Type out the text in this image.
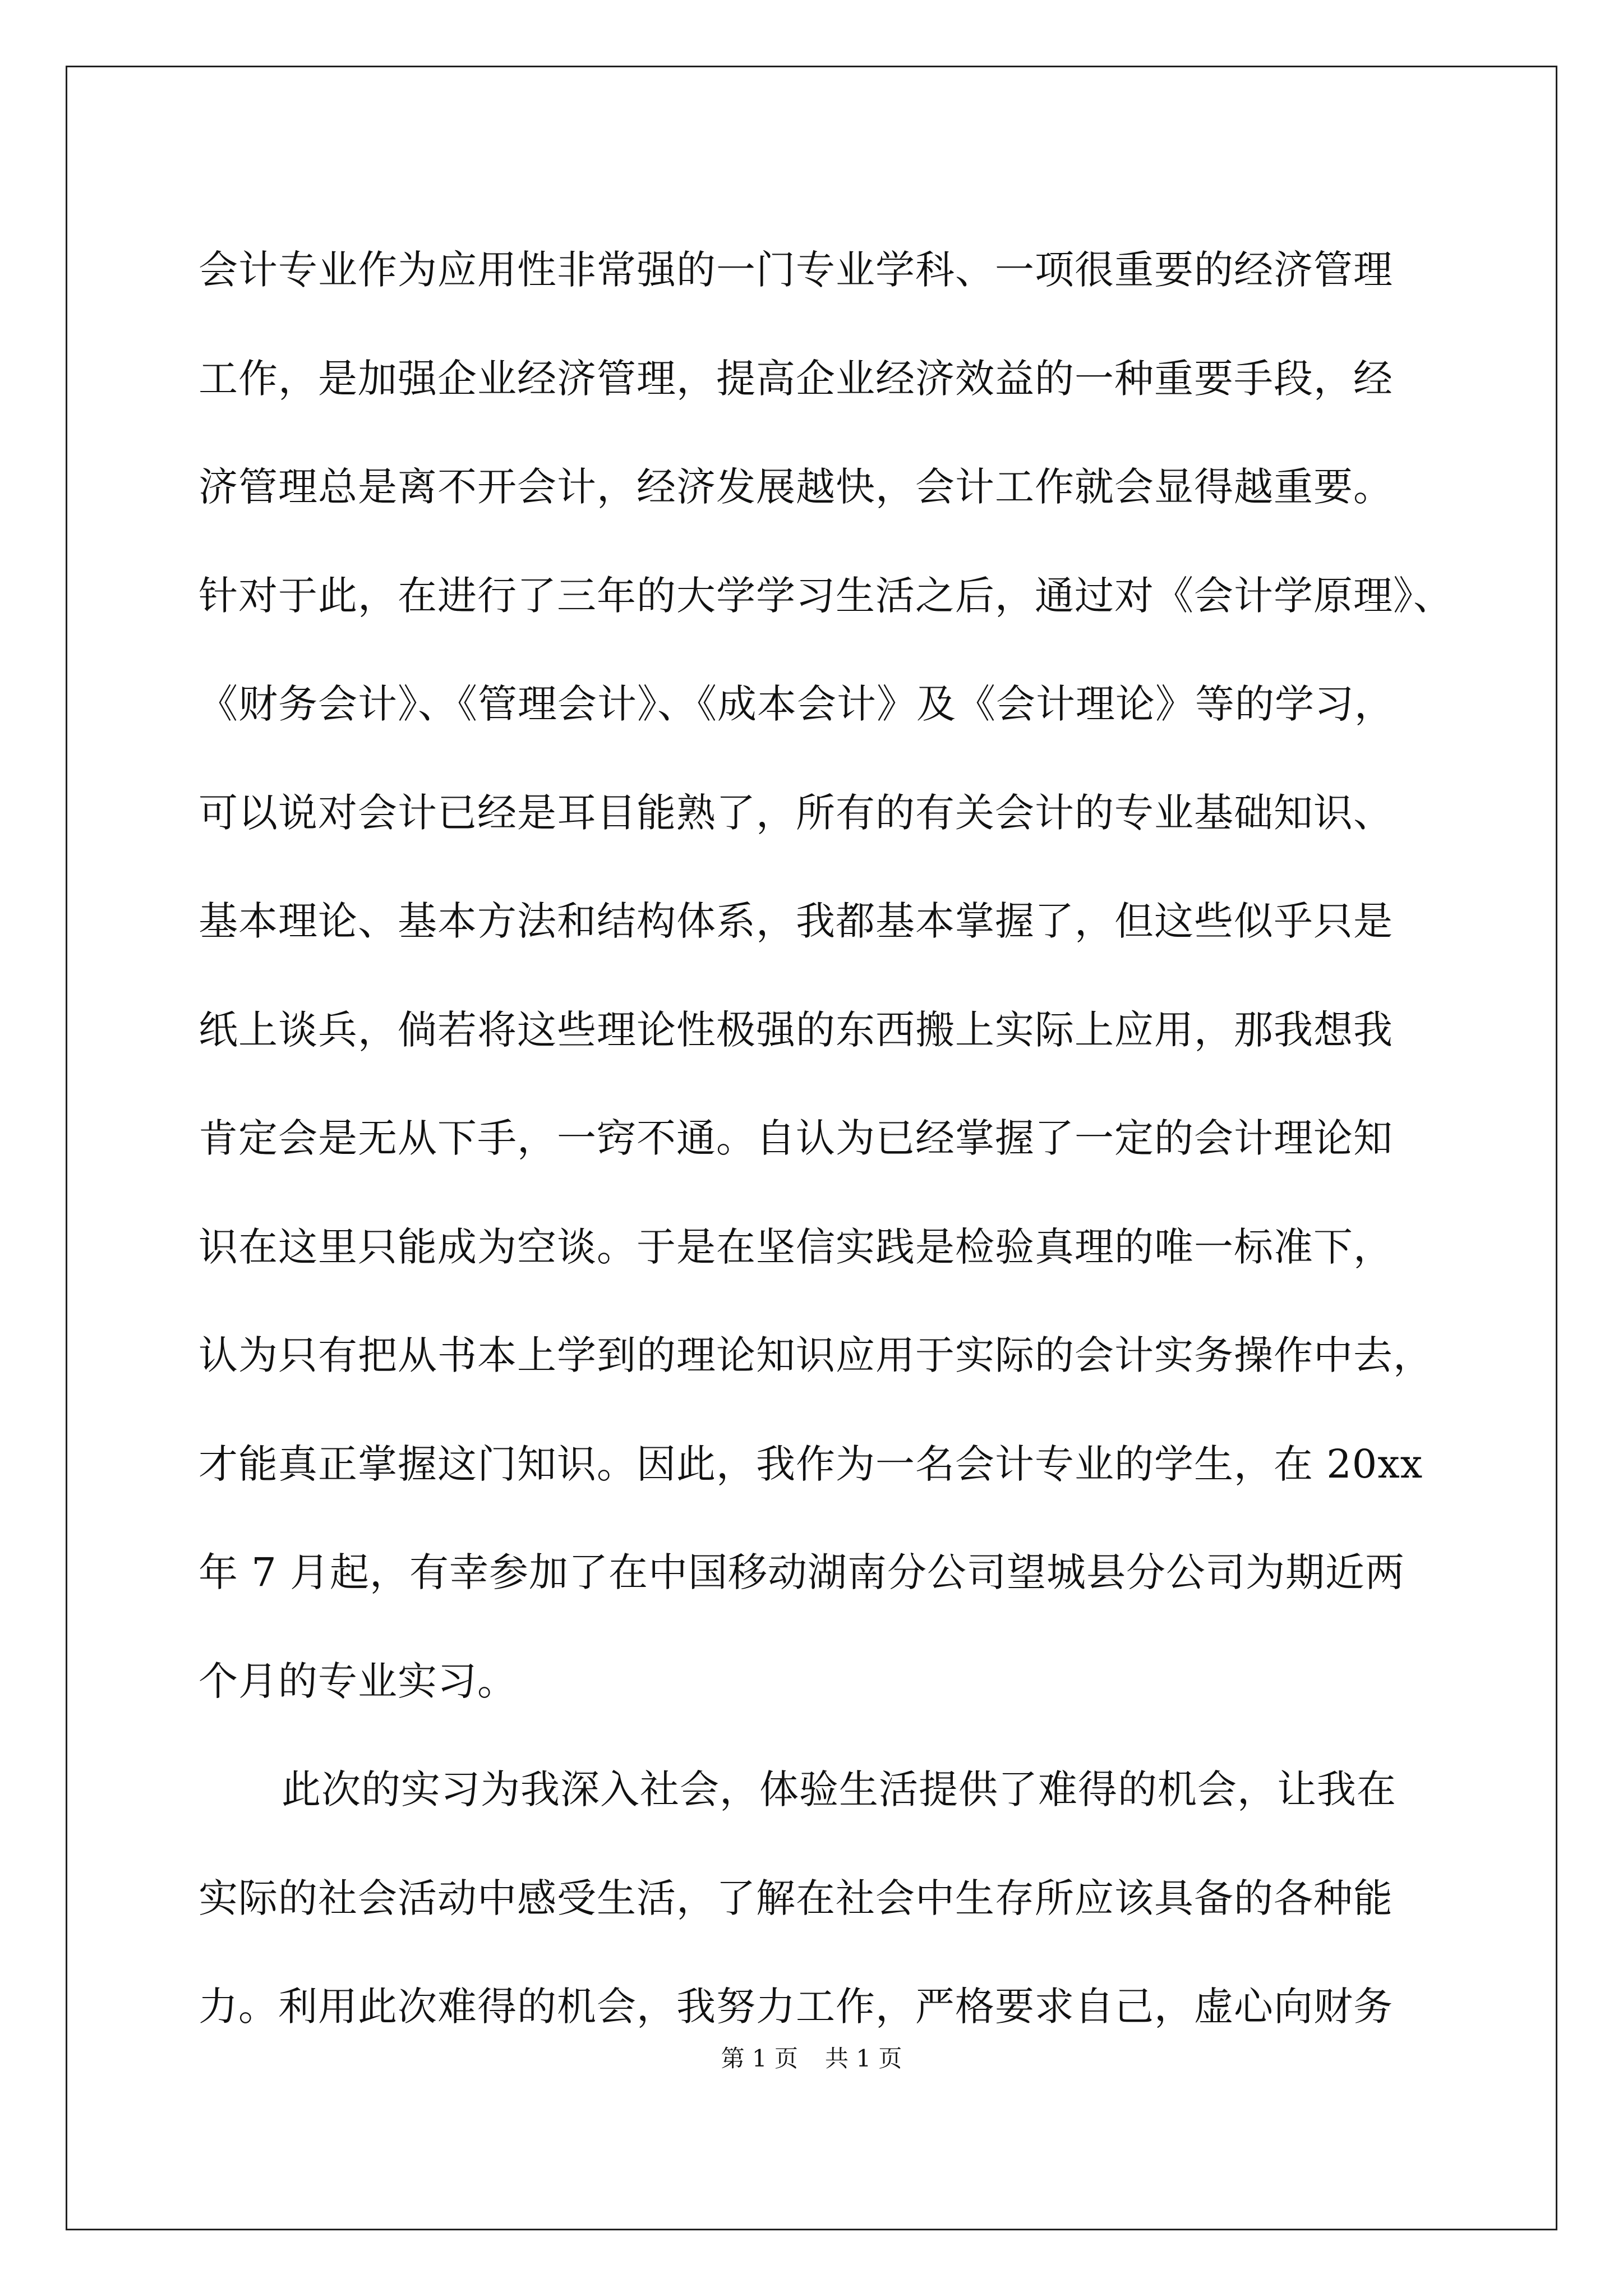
会计专业作为应用性非常强的一门专业学科、一项很重要的经济管理
工作，是加强企业经济管理，提高企业经济效益的一种重要手段，经
济管理总是离不开会计，经济发展越快，会计工作就会显得越重要。
针对于此，在进行了三年的大学学习生活之后，通过对《会计学原理》、
《财务会计》、《管理会计》、《成本会计》及《会计理论》等的学习，
可以说对会计已经是耳目能熟了，所有的有关会计的专业基础知识、
基本理论、基本方法和结构体系，我都基本掌握了，但这些似乎只是
纸上谈兵，倘若将这些理论性极强的东西搬上实际上应用，那我想我
肯定会是无从下手，一窍不通。自认为已经掌握了一定的会计理论知
识在这里只能成为空谈。于是在坚信实践是检验真理的唯一标准下，
认为只有把从书本上学到的理论知识应用于实际的会计实务操作中去，
才能真正掌握这门知识。因此，我作为一名会计专业的学生，在 20xx
年 7 月起，有幸参加了在中国移动湖南分公司望城县分公司为期近两
个月的专业实习。
此次的实习为我深入社会，体验生活提供了难得的机会，让我在
实际的社会活动中感受生活，了解在社会中生存所应该具备的各种能
力。利用此次难得的机会，我努力工作，严格要求自己，虚心向财务
第 1 页 共 1 页
